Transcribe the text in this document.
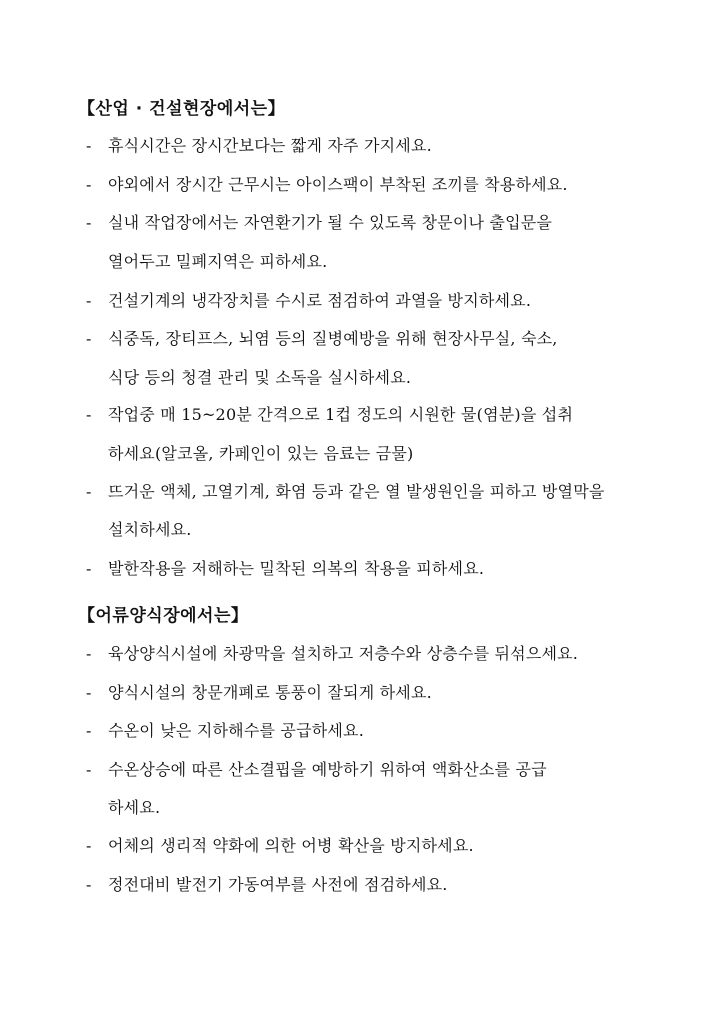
【산업 · 건설현장에서는】
- 휴식시간은 장시간보다는 짧게 자주 가지세요.
- 야외에서 장시간 근무시는 아이스팩이 부착된 조끼를 착용하세요.
- 실내 작업장에서는 자연환기가 될 수 있도록 창문이나 출입문을
열어두고 밀폐지역은 피하세요.
- 건설기계의 냉각장치를 수시로 점검하여 과열을 방지하세요.
- 식중독, 장티프스, 뇌염 등의 질병예방을 위해 현장사무실, 숙소,
식당 등의 청결 관리 및 소독을 실시하세요.
- 작업중 매 15~20분 간격으로 1컵 정도의 시원한 물(염분)을 섭취
하세요(알코올, 카페인이 있는 음료는 금물)
- 뜨거운 액체, 고열기계, 화염 등과 같은 열 발생원인을 피하고 방열막을
설치하세요.
- 발한작용을 저해하는 밀착된 의복의 착용을 피하세요.
【어류양식장에서는】
- 육상양식시설에 차광막을 설치하고 저층수와 상층수를 뒤섞으세요.
- 양식시설의 창문개폐로 통풍이 잘되게 하세요.
- 수온이 낮은 지하해수를 공급하세요.
- 수온상승에 따른 산소결핍을 예방하기 위하여 액화산소를 공급
하세요.
- 어체의 생리적 약화에 의한 어병 확산을 방지하세요.
- 정전대비 발전기 가동여부를 사전에 점검하세요.
